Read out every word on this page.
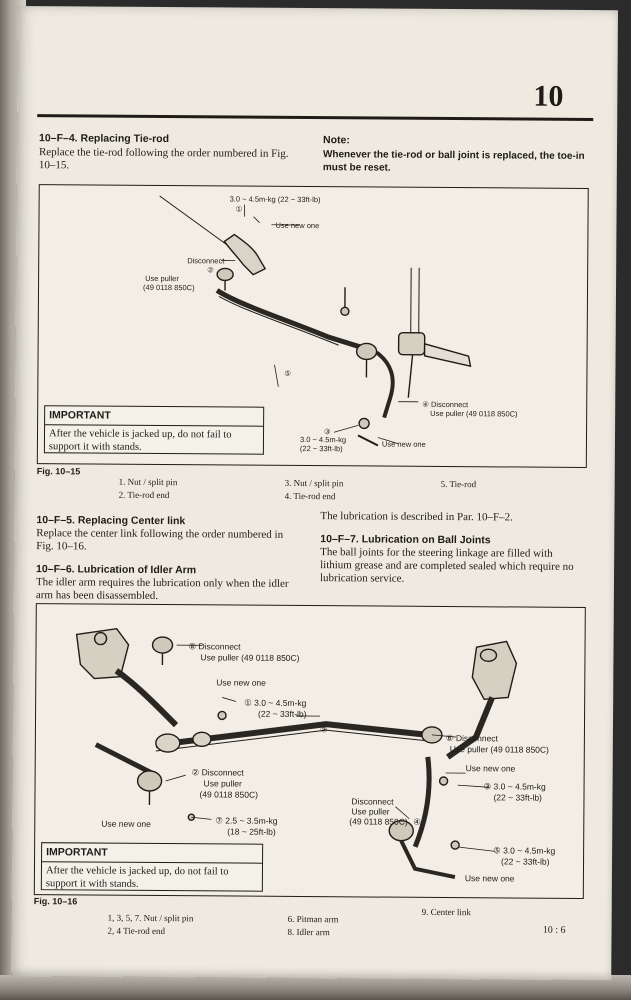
10
10–F–4. Replacing Tie-rod
Replace the tie-rod following the order numbered in Fig. 10–15.
Note:
Whenever the tie-rod or ball joint is replaced, the toe-in must be reset.
3.0 ~ 4.5m-kg (22 ~ 33ft-lb)
①
Use new one
Disconnect
②
Use puller
(49 0118 850C)
⑤
④ Disconnect
Use puller (49 0118 850C)
③
3.0 ~ 4.5m-kg
(22 ~ 33ft-lb)	Use new one
IMPORTANT
After the vehicle is jacked up, do not fail to support it with stands.
Fig. 10–15
1. Nut / split pin
2. Tie-rod end
3. Nut / split pin
4. Tie-rod end
5. Tie-rod
10–F–5. Replacing Center link
Replace the center link following the order numbered in Fig. 10–16.
10–F–6. Lubrication of Idler Arm
The idler arm requires the lubrication only when the idler arm has been disassembled.
The lubrication is described in Par. 10–F–2.
10–F–7. Lubrication on Ball Joints
The ball joints for the steering linkage are filled with lithium grease and are completed sealed which require no lubrication service.
⑧ Disconnect
Use puller (49 0118 850C)
Use new one
① 3.0 ~ 4.5m-kg
(22 ~ 33ft-lb)
⑨
⑥ Disconnect
Use puller (49 0118 850C)
Use new one
③ 3.0 ~ 4.5m-kg
(22 ~ 33ft-lb)
② Disconnect
Use puller
(49 0118 850C)
⑦ 2.5 ~ 3.5m-kg
(18 ~ 25ft-lb)
Use new one
Disconnect
Use puller
(49 0118 850C) ④
⑤ 3.0 ~ 4.5m-kg
(22 ~ 33ft-lb)
Use new one
IMPORTANT
After the vehicle is jacked up, do not fail to support it with stands.
Fig. 10–16
1, 3, 5, 7. Nut / split pin
2, 4 Tie-rod end
6. Pitman arm
8. Idler arm
9. Center link
10 : 6
